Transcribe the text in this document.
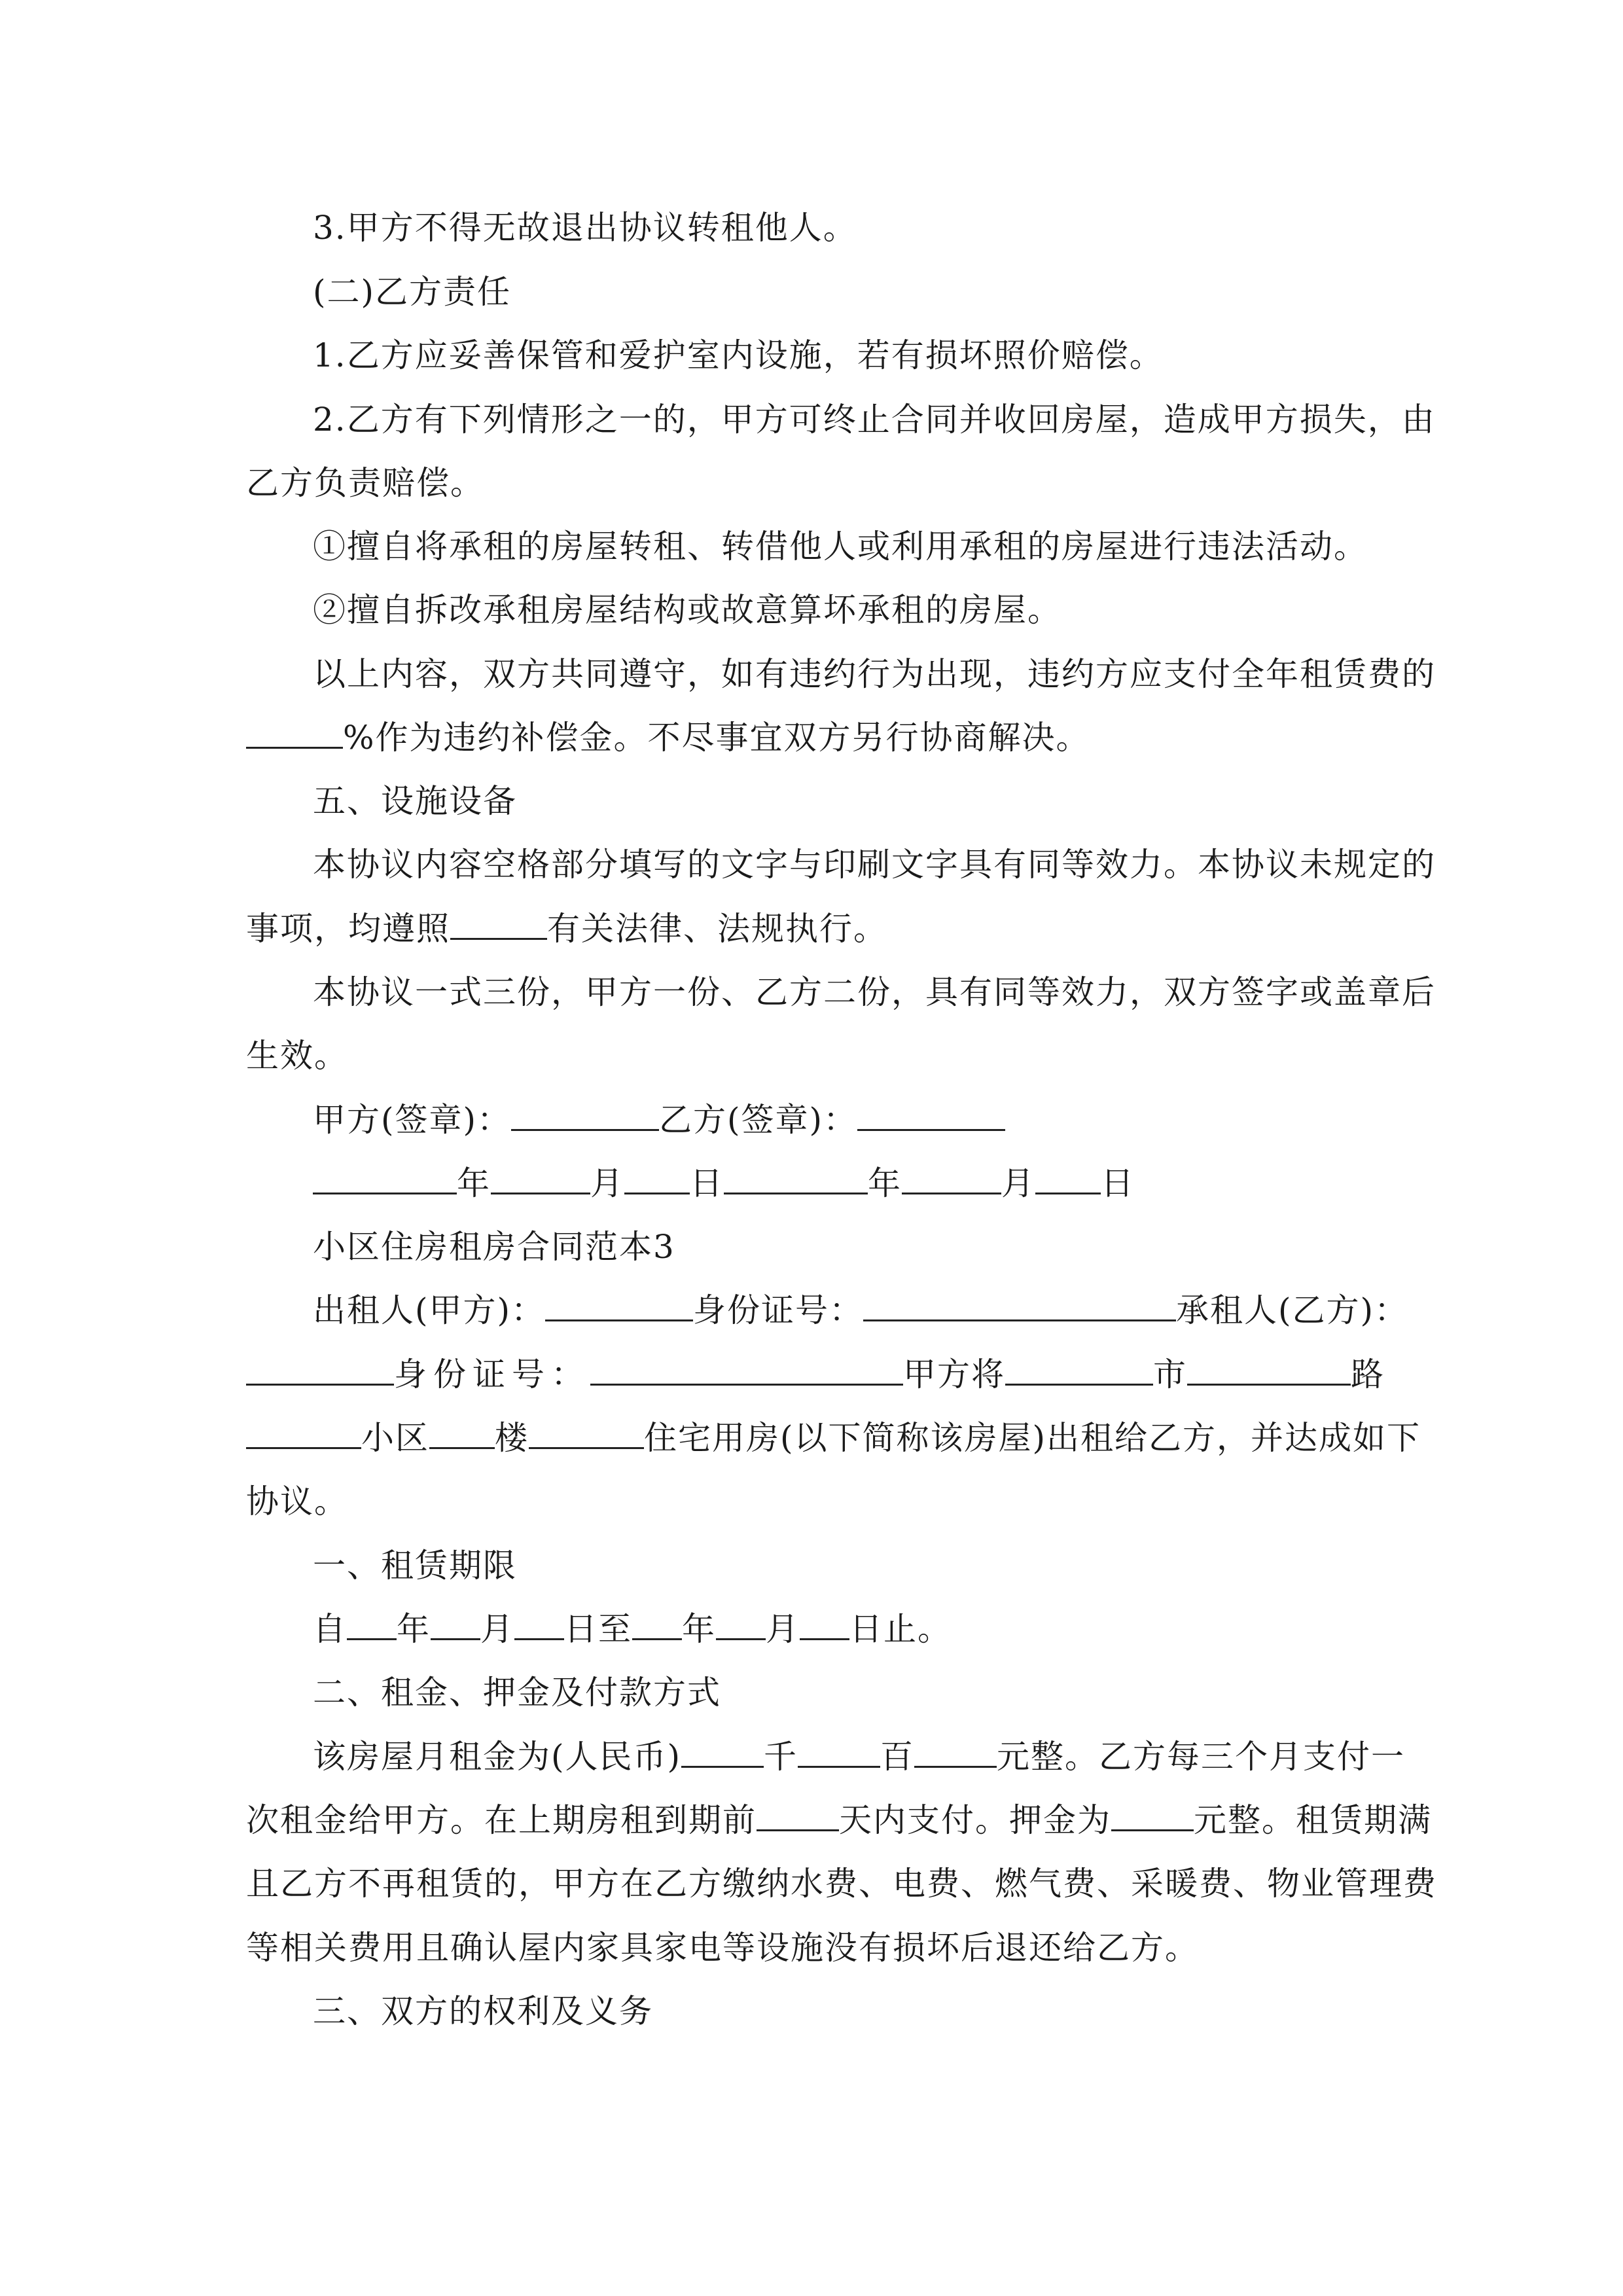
3.甲方不得无故退出协议转租他人。
(二)乙方责任
1.乙方应妥善保管和爱护室内设施，若有损坏照价赔偿。
2.乙方有下列情形之一的，甲方可终止合同并收回房屋，造成甲方损失，由
乙方负责赔偿。
①擅自将承租的房屋转租、转借他人或利用承租的房屋进行违法活动。
②擅自拆改承租房屋结构或故意算坏承租的房屋。
以上内容，双方共同遵守，如有违约行为出现，违约方应支付全年租赁费的
%作为违约补偿金。不尽事宜双方另行协商解决。
五、设施设备
本协议内容空格部分填写的文字与印刷文字具有同等效力。本协议未规定的
事项，均遵照	有关法律、法规执行。
本协议一式三份，甲方一份、乙方二份，具有同等效力，双方签字或盖章后
生效。
甲方(签章)：	乙方(签章)：
年	月 日	年	月 日
小区住房租房合同范本3
出租人(甲方)：	身份证号：	承租人(乙方)：
身份证号：	甲方将	市	路
小区 楼	住宅用房(以下简称该房屋)出租给乙方，并达成如下
协议。
一、租赁期限
自 年 月 日至 年 月 日止。
二、租金、押金及付款方式
该房屋月租金为(人民币)	千	百	元整。乙方每三个月支付一
次租金给甲方。在上期房租到期前	天内支付。押金为	元整。租赁期满
且乙方不再租赁的，甲方在乙方缴纳水费、电费、燃气费、采暖费、物业管理费
等相关费用且确认屋内家具家电等设施没有损坏后退还给乙方。
三、双方的权利及义务
